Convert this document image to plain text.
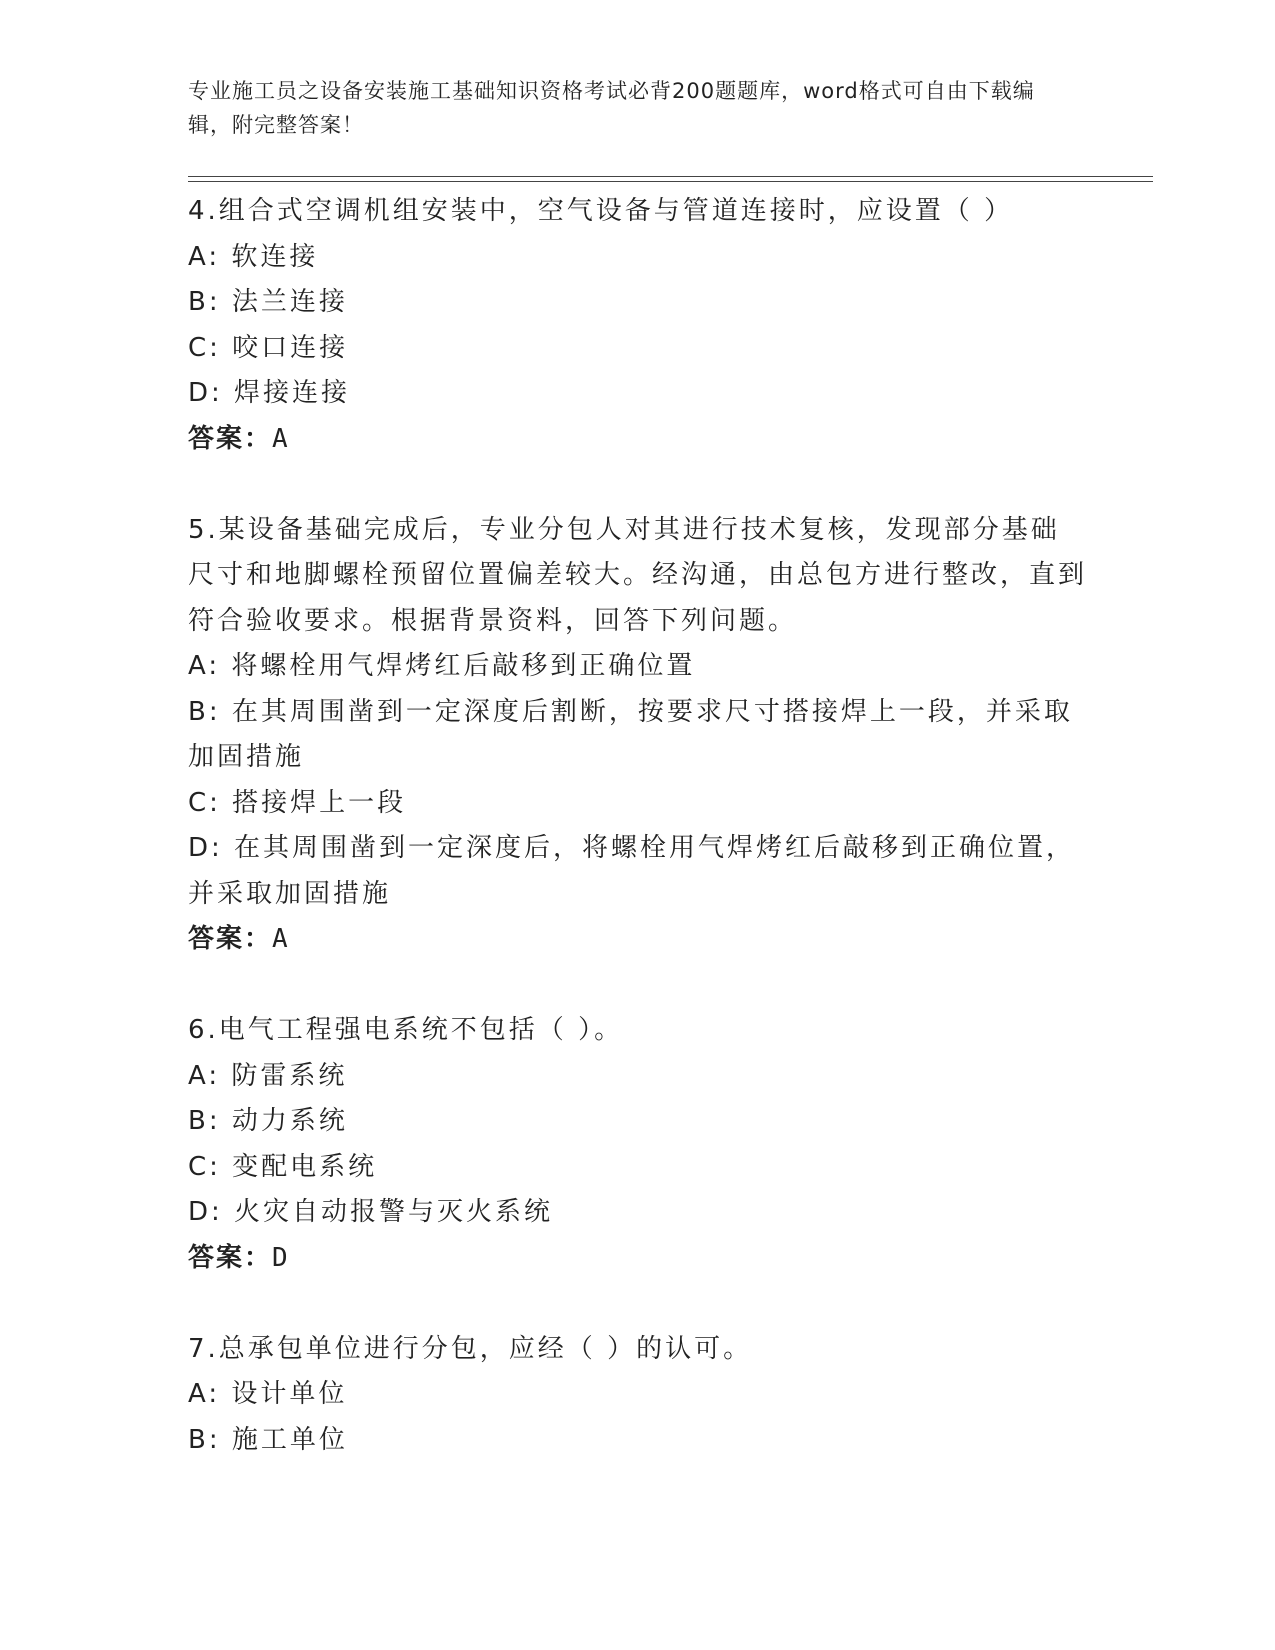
专业施工员之设备安装施工基础知识资格考试必背200题题库，word格式可自由下载编辑，附完整答案！

4.组合式空调机组安装中，空气设备与管道连接时，应设置（ ）

A: 软连接

B: 法兰连接

C: 咬口连接

D: 焊接连接

答案：A

5.某设备基础完成后，专业分包人对其进行技术复核，发现部分基础尺寸和地脚螺栓预留位置偏差较大。经沟通，由总包方进行整改，直到符合验收要求。根据背景资料，回答下列问题。

A: 将螺栓用气焊烤红后敲移到正确位置

B: 在其周围凿到一定深度后割断，按要求尺寸搭接焊上一段，并采取加固措施

C: 搭接焊上一段

D: 在其周围凿到一定深度后，将螺栓用气焊烤红后敲移到正确位置，并采取加固措施

答案：A

6.电气工程强电系统不包括（ ）。

A: 防雷系统

B: 动力系统

C: 变配电系统

D: 火灾自动报警与灭火系统

答案：D

7.总承包单位进行分包，应经（ ）的认可。

A: 设计单位

B: 施工单位
